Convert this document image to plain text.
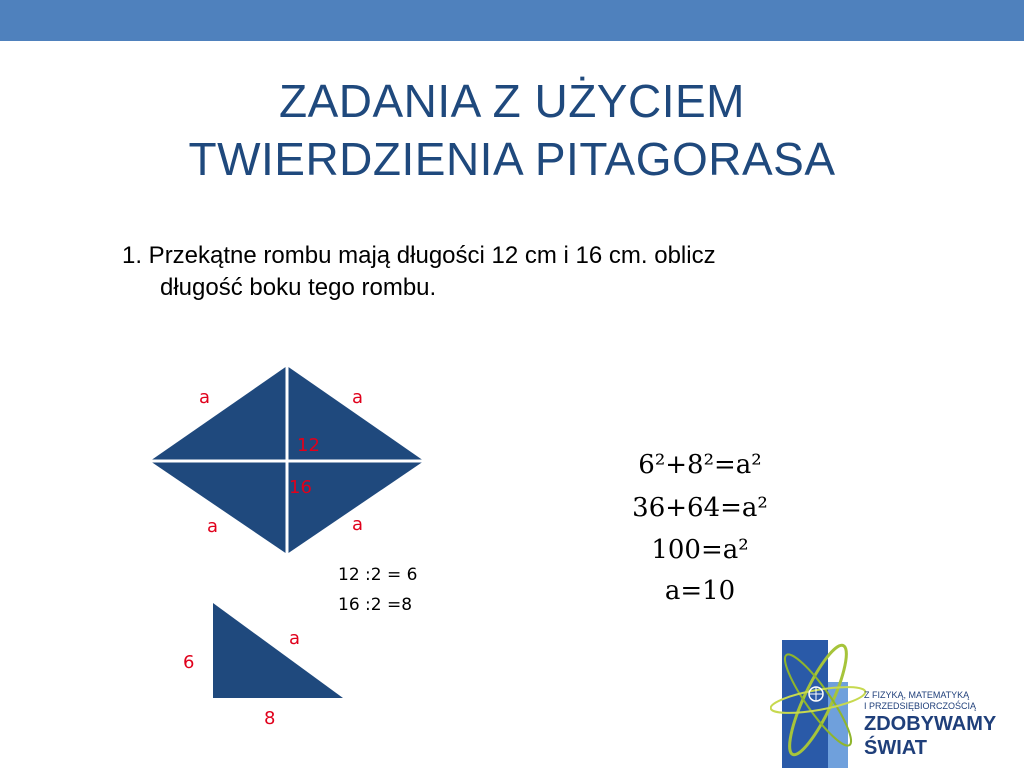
ZADANIA Z UŻYCIEM
TWIERDZIENIA PITAGORASA
1. Przekątne rombu mają długości 12 cm i 16 cm. oblicz
długość boku tego rombu.
a	a
a	a
12
16
12 :2 = 6
16 :2 =8
6
8
a
6²+8²=a²
36+64=a²
100=a²
a=10
Z FIZYKĄ, MATEMATYKĄ
I PRZEDSIĘBIORCZOŚCIĄ
ZDOBYWAMY
ŚWIAT
